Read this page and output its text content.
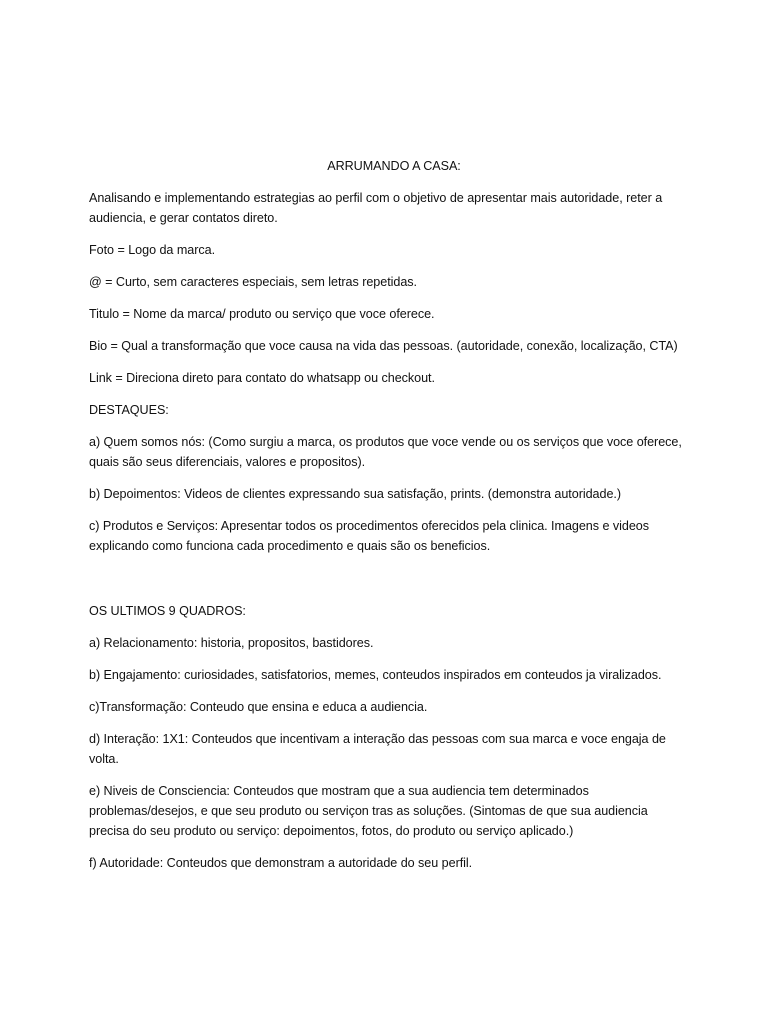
ARRUMANDO A CASA:
Analisando e implementando estrategias ao perfil com o objetivo de apresentar mais autoridade, reter a audiencia, e gerar contatos direto.
Foto = Logo da marca.
@ = Curto, sem caracteres especiais, sem letras repetidas.
Titulo = Nome da marca/ produto ou serviço que voce oferece.
Bio = Qual a transformação que voce causa na vida das pessoas. (autoridade, conexão, localização, CTA)
Link = Direciona direto para contato do whatsapp ou checkout.
DESTAQUES:
a) Quem somos nós: (Como surgiu a marca, os produtos que voce vende ou os serviços que voce oferece, quais são seus diferenciais, valores e propositos).
b) Depoimentos: Videos de clientes expressando sua satisfação, prints. (demonstra autoridade.)
c) Produtos e Serviços: Apresentar todos os procedimentos oferecidos pela clinica. Imagens e videos explicando como funciona cada procedimento e quais são os beneficios.
OS ULTIMOS 9 QUADROS:
a) Relacionamento: historia, propositos, bastidores.
b) Engajamento: curiosidades, satisfatorios, memes, conteudos inspirados em conteudos ja viralizados.
c)Transformação: Conteudo que ensina e educa a audiencia.
d) Interação: 1X1: Conteudos que incentivam a interação das pessoas com sua marca e voce engaja de volta.
e) Niveis de Consciencia: Conteudos que mostram que a sua audiencia tem determinados problemas/desejos, e que seu produto ou serviçon tras as soluções. (Sintomas de que sua audiencia precisa do seu produto ou serviço: depoimentos, fotos, do produto ou serviço aplicado.)
f) Autoridade: Conteudos que demonstram a autoridade do seu perfil.
